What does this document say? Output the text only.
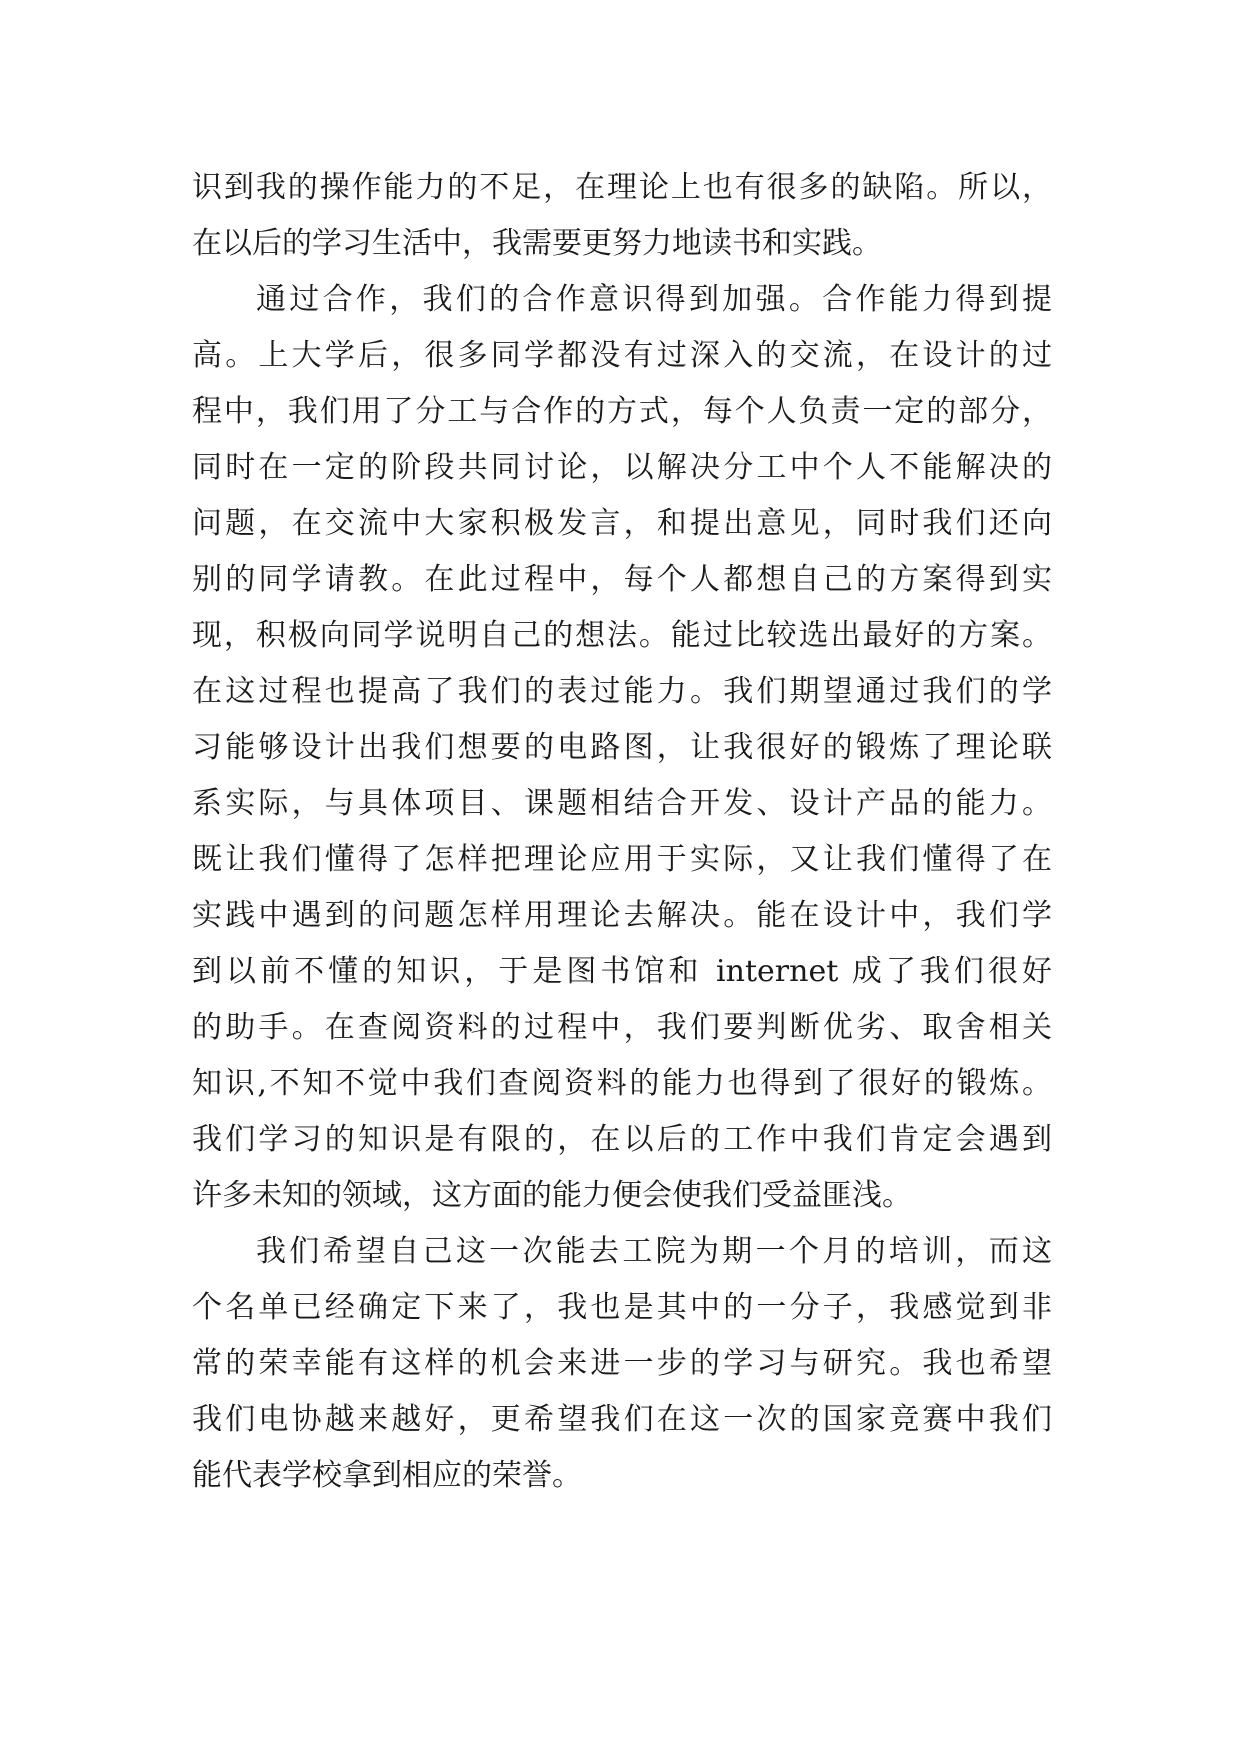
识到我的操作能力的不足，在理论上也有很多的缺陷。所以，
在以后的学习生活中，我需要更努力地读书和实践。
通过合作，我们的合作意识得到加强。合作能力得到提
高。上大学后，很多同学都没有过深入的交流，在设计的过
程中，我们用了分工与合作的方式，每个人负责一定的部分，
同时在一定的阶段共同讨论，以解决分工中个人不能解决的
问题，在交流中大家积极发言，和提出意见，同时我们还向
别的同学请教。在此过程中，每个人都想自己的方案得到实
现，积极向同学说明自己的想法。能过比较选出最好的方案。
在这过程也提高了我们的表过能力。我们期望通过我们的学
习能够设计出我们想要的电路图，让我很好的锻炼了理论联
系实际，与具体项目、课题相结合开发、设计产品的能力。
既让我们懂得了怎样把理论应用于实际，又让我们懂得了在
实践中遇到的问题怎样用理论去解决。能在设计中，我们学
到以前不懂的知识，于是图书馆和 internet 成了我们很好
的助手。在查阅资料的过程中，我们要判断优劣、取舍相关
知识,不知不觉中我们查阅资料的能力也得到了很好的锻炼。
我们学习的知识是有限的，在以后的工作中我们肯定会遇到
许多未知的领域，这方面的能力便会使我们受益匪浅。
我们希望自己这一次能去工院为期一个月的培训，而这
个名单已经确定下来了，我也是其中的一分子，我感觉到非
常的荣幸能有这样的机会来进一步的学习与研究。我也希望
我们电协越来越好，更希望我们在这一次的国家竞赛中我们
能代表学校拿到相应的荣誉。
